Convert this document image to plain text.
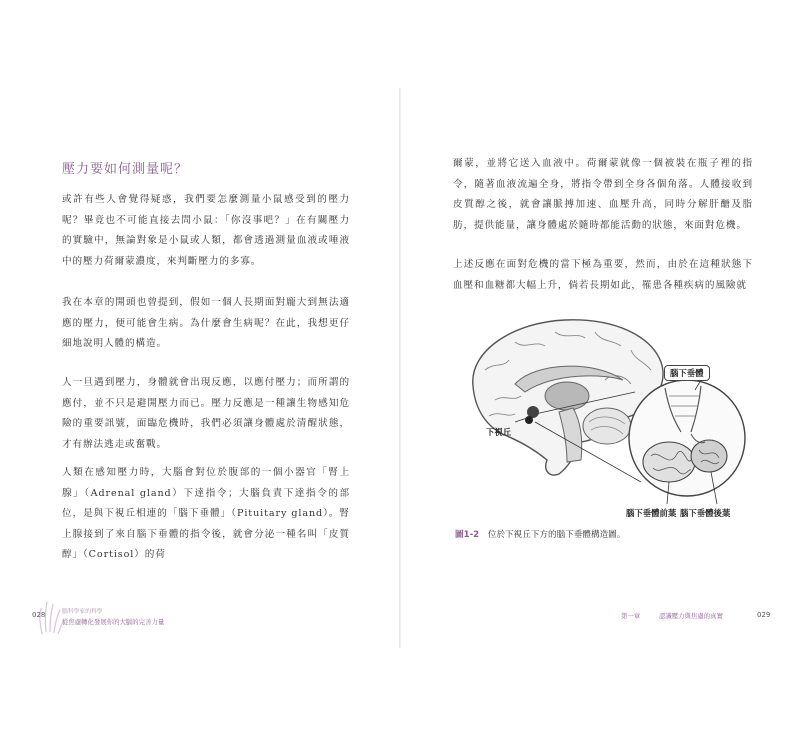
壓力要如何測量呢？

或許有些人會覺得疑惑，我們要怎麼測量小鼠感受到的壓力呢？畢竟也不可能直接去問小鼠：「你沒事吧？」在有關壓力的實驗中，無論對象是小鼠或人類，都會透過測量血液或唾液中的壓力荷爾蒙濃度，來判斷壓力的多寡。

我在本章的開頭也曾提到，假如一個人長期面對龐大到無法適應的壓力，便可能會生病。為什麼會生病呢？在此，我想更仔細地說明人體的構造。

人一旦遇到壓力，身體就會出現反應，以應付壓力；而所謂的應付，並不只是避開壓力而已。壓力反應是一種讓生物感知危險的重要訊號，面臨危機時，我們必須讓身體處於清醒狀態，才有辦法逃走或奮戰。

人類在感知壓力時，大腦會對位於腹部的一個小器官「腎上腺」（Adrenal gland）下達指令；大腦負責下達指令的部位，是與下視丘相連的「腦下垂體」（Pituitary gland）。腎上腺接到了來自腦下垂體的指令後，就會分泌一種名叫「皮質醇」（Cortisol）的荷

028	腦科學家的科學
從焦慮轉化發展你的大腦的完善力量

爾蒙，並將它送入血液中。荷爾蒙就像一個被裝在瓶子裡的指令，隨著血液流遍全身，將指令帶到全身各個角落。人體接收到皮質醇之後，就會讓脈搏加速、血壓升高，同時分解肝醣及脂肪，提供能量，讓身體處於隨時都能活動的狀態，來面對危機。

上述反應在面對危機的當下極為重要，然而，由於在這種狀態下血壓和血糖都大幅上升，倘若長期如此，罹患各種疾病的風險就

腦下垂體
下視丘
腦下垂體前葉 腦下垂體後葉
圖1-2 位於下視丘下方的腦下垂體構造圖。
第一章	認識壓力與焦慮的真實	029
